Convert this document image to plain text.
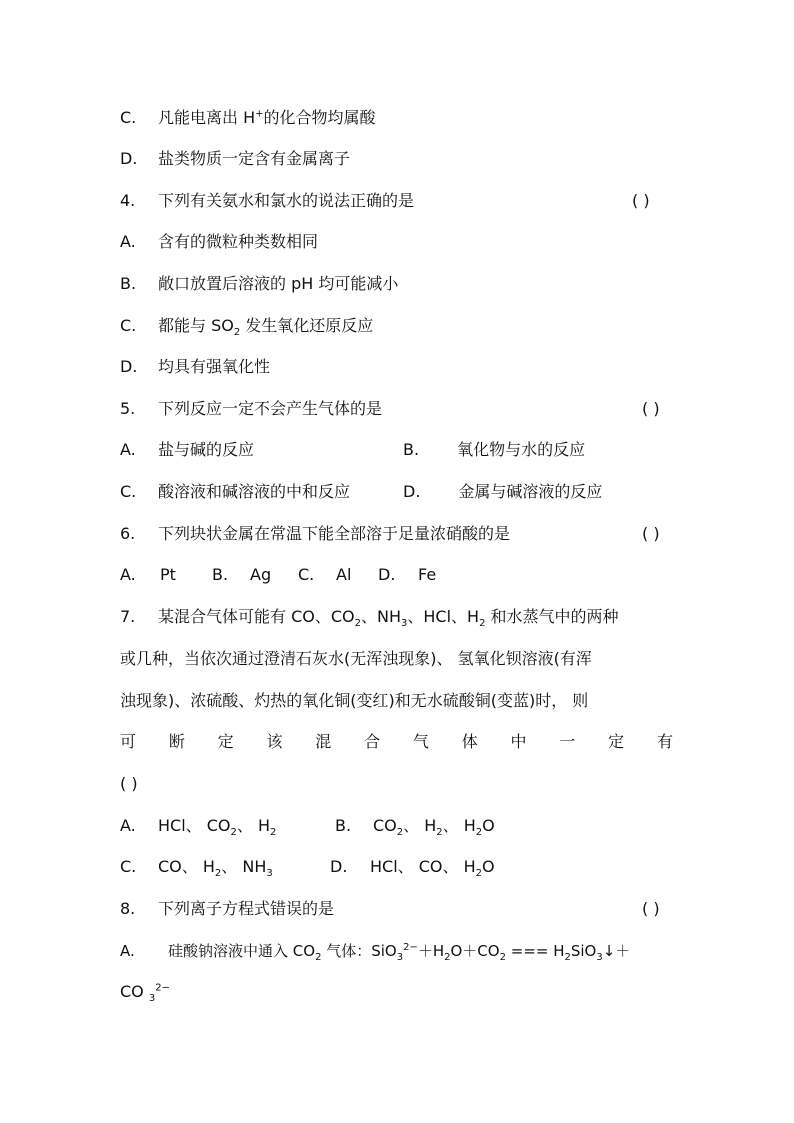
C. 凡能电离出 H+的化合物均属酸
D. 盐类物质一定含有金属离子
4. 下列有关氨水和氯水的说法正确的是	( )
A. 含有的微粒种类数相同
B. 敞口放置后溶液的 pH 均可能减小
C. 都能与 $SO_2$ 发生氧化还原反应
D. 均具有强氧化性
5. 下列反应一定不会产生气体的是	( )
A. 盐与碱的反应	B. 氧化物与水的反应
C. 酸溶液和碱溶液的中和反应	D. 金属与碱溶液的反应
6. 下列块状金属在常温下能全部溶于足量浓硝酸的是	( )
A. Pt B. Ag C. Al D. Fe
7. 某混合气体可能有 CO、$CO_2$、$NH_3$、HCl、$H_2$ 和水蒸气中的两种
或几种，当依次通过澄清石灰水(无浑浊现象)、 氢氧化钡溶液(有浑
浊现象)、浓硫酸、灼热的氧化铜(变红)和无水硫酸铜(变蓝)时， 则
可 断 定 该 混 合 气 体 中 一 定 有
( )
A. HCl、 $CO_2$、 $H_2$	B. $CO_2$、 $H_2$、 $H_2O$
C. CO、 $H_2$、 $NH_3$	D. HCl、 CO、 $H_2O$
8. 下列离子方程式错误的是	( )
A. 硅酸钠溶液中通入 $CO_2$ 气体：$SiO_3^{2-}+H_2O+CO_2$ === $H_2SiO_3↓+$
CO $_3^{2-}$
